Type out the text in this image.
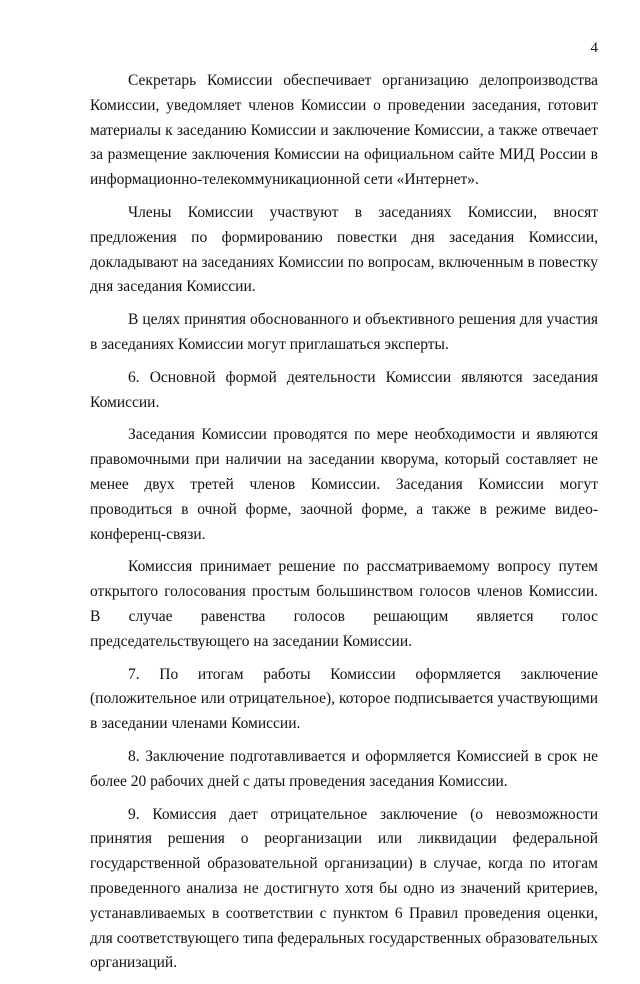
4

Секретарь Комиссии обеспечивает организацию делопроизводства Комиссии, уведомляет членов Комиссии о проведении заседания, готовит материалы к заседанию Комиссии и заключение Комиссии, а также отвечает за размещение заключения Комиссии на официальном сайте МИД России в информационно-телекоммуникационной сети «Интернет».

Члены Комиссии участвуют в заседаниях Комиссии, вносят предложения по формированию повестки дня заседания Комиссии, докладывают на заседаниях Комиссии по вопросам, включенным в повестку дня заседания Комиссии.

В целях принятия обоснованного и объективного решения для участия в заседаниях Комиссии могут приглашаться эксперты.

6. Основной формой деятельности Комиссии являются заседания Комиссии.

Заседания Комиссии проводятся по мере необходимости и являются правомочными при наличии на заседании кворума, который составляет не менее двух третей членов Комиссии. Заседания Комиссии могут проводиться в очной форме, заочной форме, а также в режиме видео-конференц-связи.

Комиссия принимает решение по рассматриваемому вопросу путем открытого голосования простым большинством голосов членов Комиссии. В случае равенства голосов решающим является голос председательствующего на заседании Комиссии.

7. По итогам работы Комиссии оформляется заключение (положительное или отрицательное), которое подписывается участвующими в заседании членами Комиссии.

8. Заключение подготавливается и оформляется Комиссией в срок не более 20 рабочих дней с даты проведения заседания Комиссии.

9. Комиссия дает отрицательное заключение (о невозможности принятия решения о реорганизации или ликвидации федеральной государственной образовательной организации) в случае, когда по итогам проведенного анализа не достигнуто хотя бы одно из значений критериев, устанавливаемых в соответствии с пунктом 6 Правил проведения оценки, для соответствующего типа федеральных государственных образовательных организаций.
